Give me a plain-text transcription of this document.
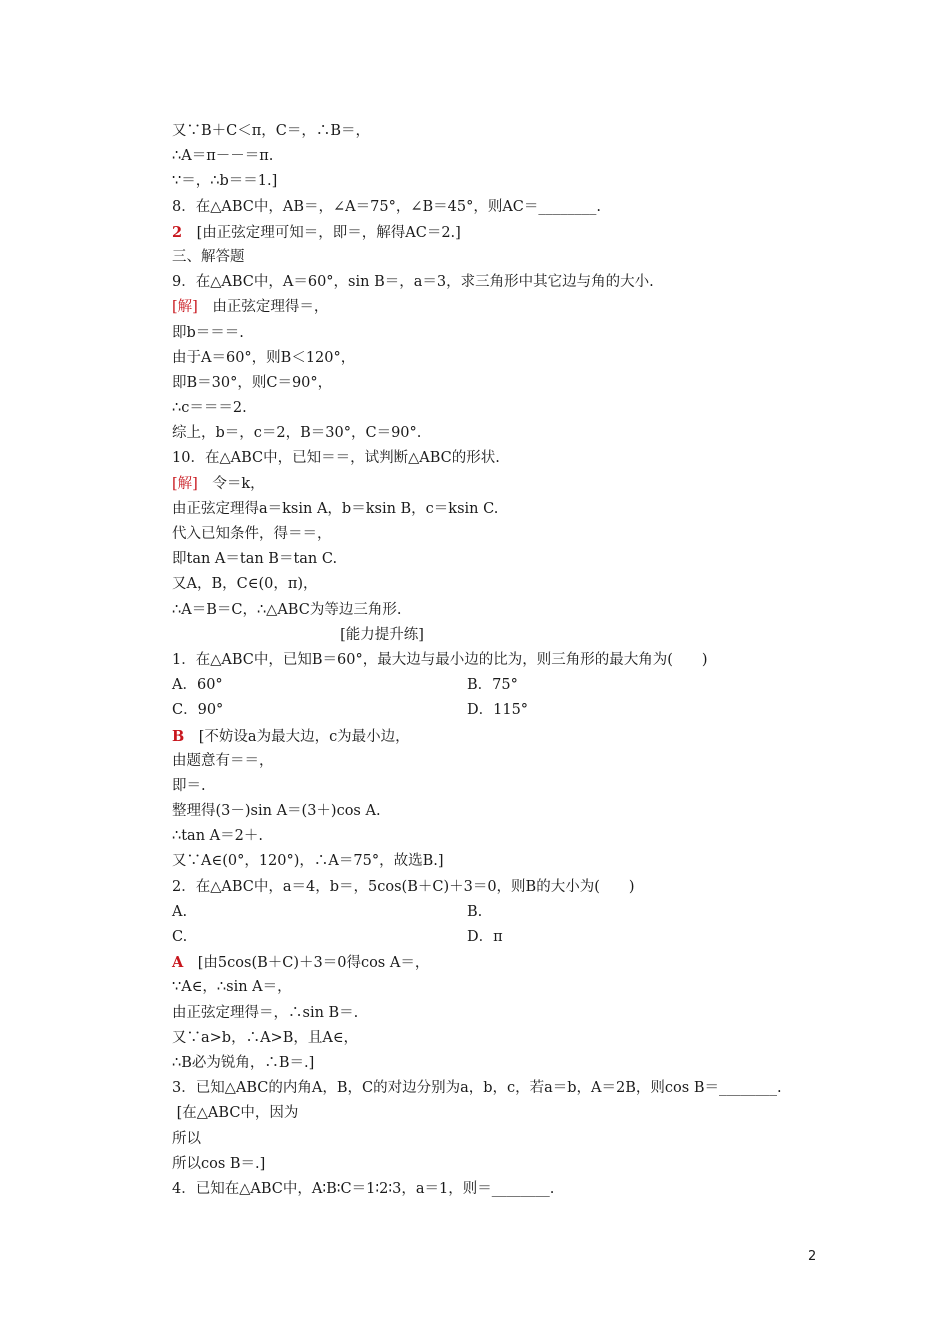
又∵B＋C＜π，C＝，∴B＝，
∴A＝π－－＝π.
∵＝，∴b＝＝1.]
8．在△ABC中，AB＝，∠A＝75°，∠B＝45°，则AC＝________.
2　[由正弦定理可知＝，即＝，解得AC＝2.]
三、解答题
9．在△ABC中，A＝60°，sin B＝，a＝3，求三角形中其它边与角的大小.
[解]　由正弦定理得＝，
即b＝＝＝.
由于A＝60°，则B＜120°，
即B＝30°，则C＝90°，
∴c＝＝＝2.
综上，b＝，c＝2，B＝30°，C＝90°.
10．在△ABC中，已知＝＝，试判断△ABC的形状.
[解]　令＝k，
由正弦定理得a＝ksin A，b＝ksin B，c＝ksin C.
代入已知条件，得＝＝，
即tan A＝tan B＝tan C.
又A，B，C∈(0，π)，
∴A＝B＝C，∴△ABC为等边三角形.
[能力提升练]
1．在△ABC中，已知B＝60°，最大边与最小边的比为，则三角形的最大角为(　　)
A．60°	B．75°
C．90°	D．115°
B　[不妨设a为最大边，c为最小边，
由题意有＝＝，
即＝.
整理得(3－)sin A＝(3＋)cos A.
∴tan A＝2＋.
又∵A∈(0°，120°)，∴A＝75°，故选B.]
2．在△ABC中，a＝4，b＝，5cos(B＋C)＋3＝0，则B的大小为(　　)
A.	B.
C.	D．π
A　[由5cos(B＋C)＋3＝0得cos A＝，
∵A∈，∴sin A＝，
由正弦定理得＝，∴sin B＝.
又∵a>b，∴A>B，且A∈，
∴B必为锐角，∴B＝.]
3．已知△ABC的内角A，B，C的对边分别为a，b，c，若a＝b，A＝2B，则cos B＝________.
[在△ABC中，因为
所以
所以cos B＝.]
4．已知在△ABC中，A∶B∶C＝1∶2∶3，a＝1，则＝________.
2
